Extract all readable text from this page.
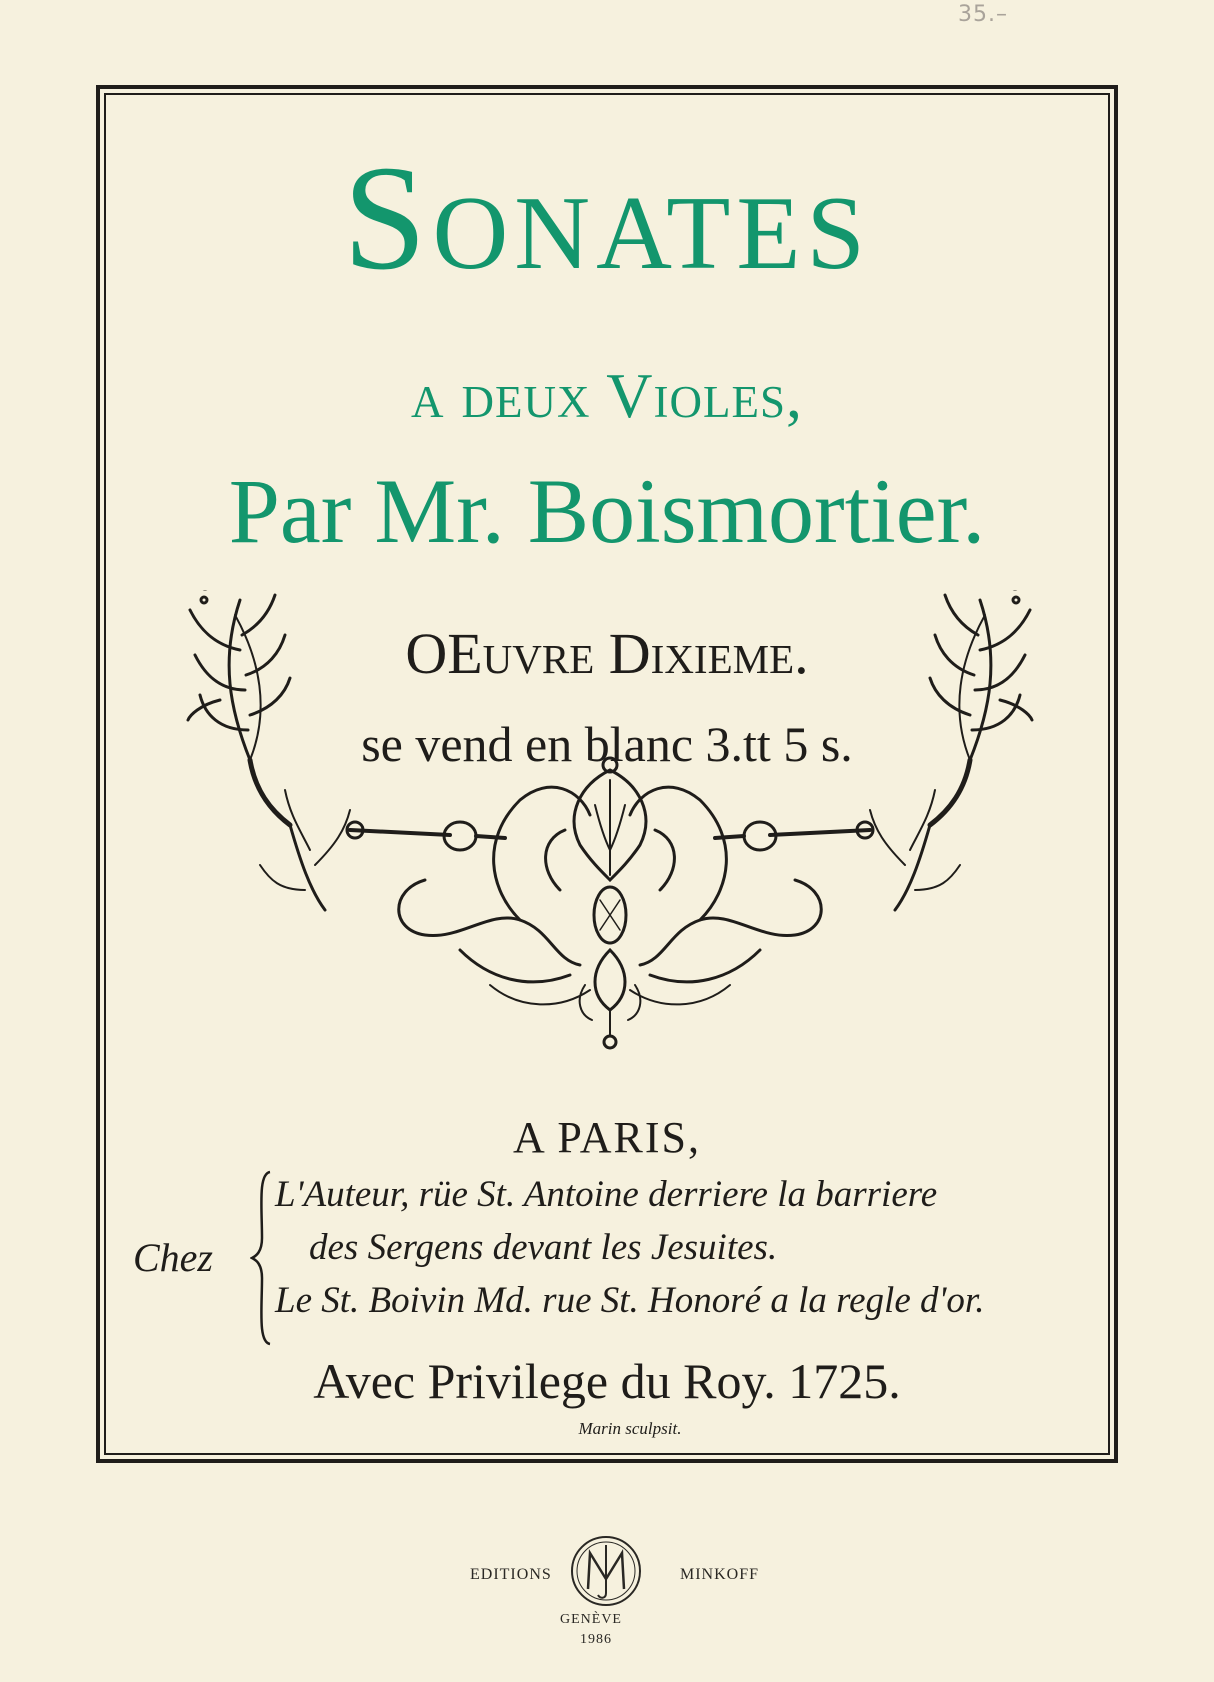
35.–
Sonates
a deux Violes,
Par Mr. Boismortier.
OEuvre Dixieme.
se vend en blanc 3.tt 5 s.
A PARIS,
Chez
L'Auteur, rüe St. Antoine derriere la barriere
des Sergens devant les Jesuites.
Le St. Boivin Md. rue St. Honoré a la regle d'or.
Avec Privilege du Roy. 1725.
Marin sculpsit.
EDITIONS	MINKOFF
GENÈVE
1986
